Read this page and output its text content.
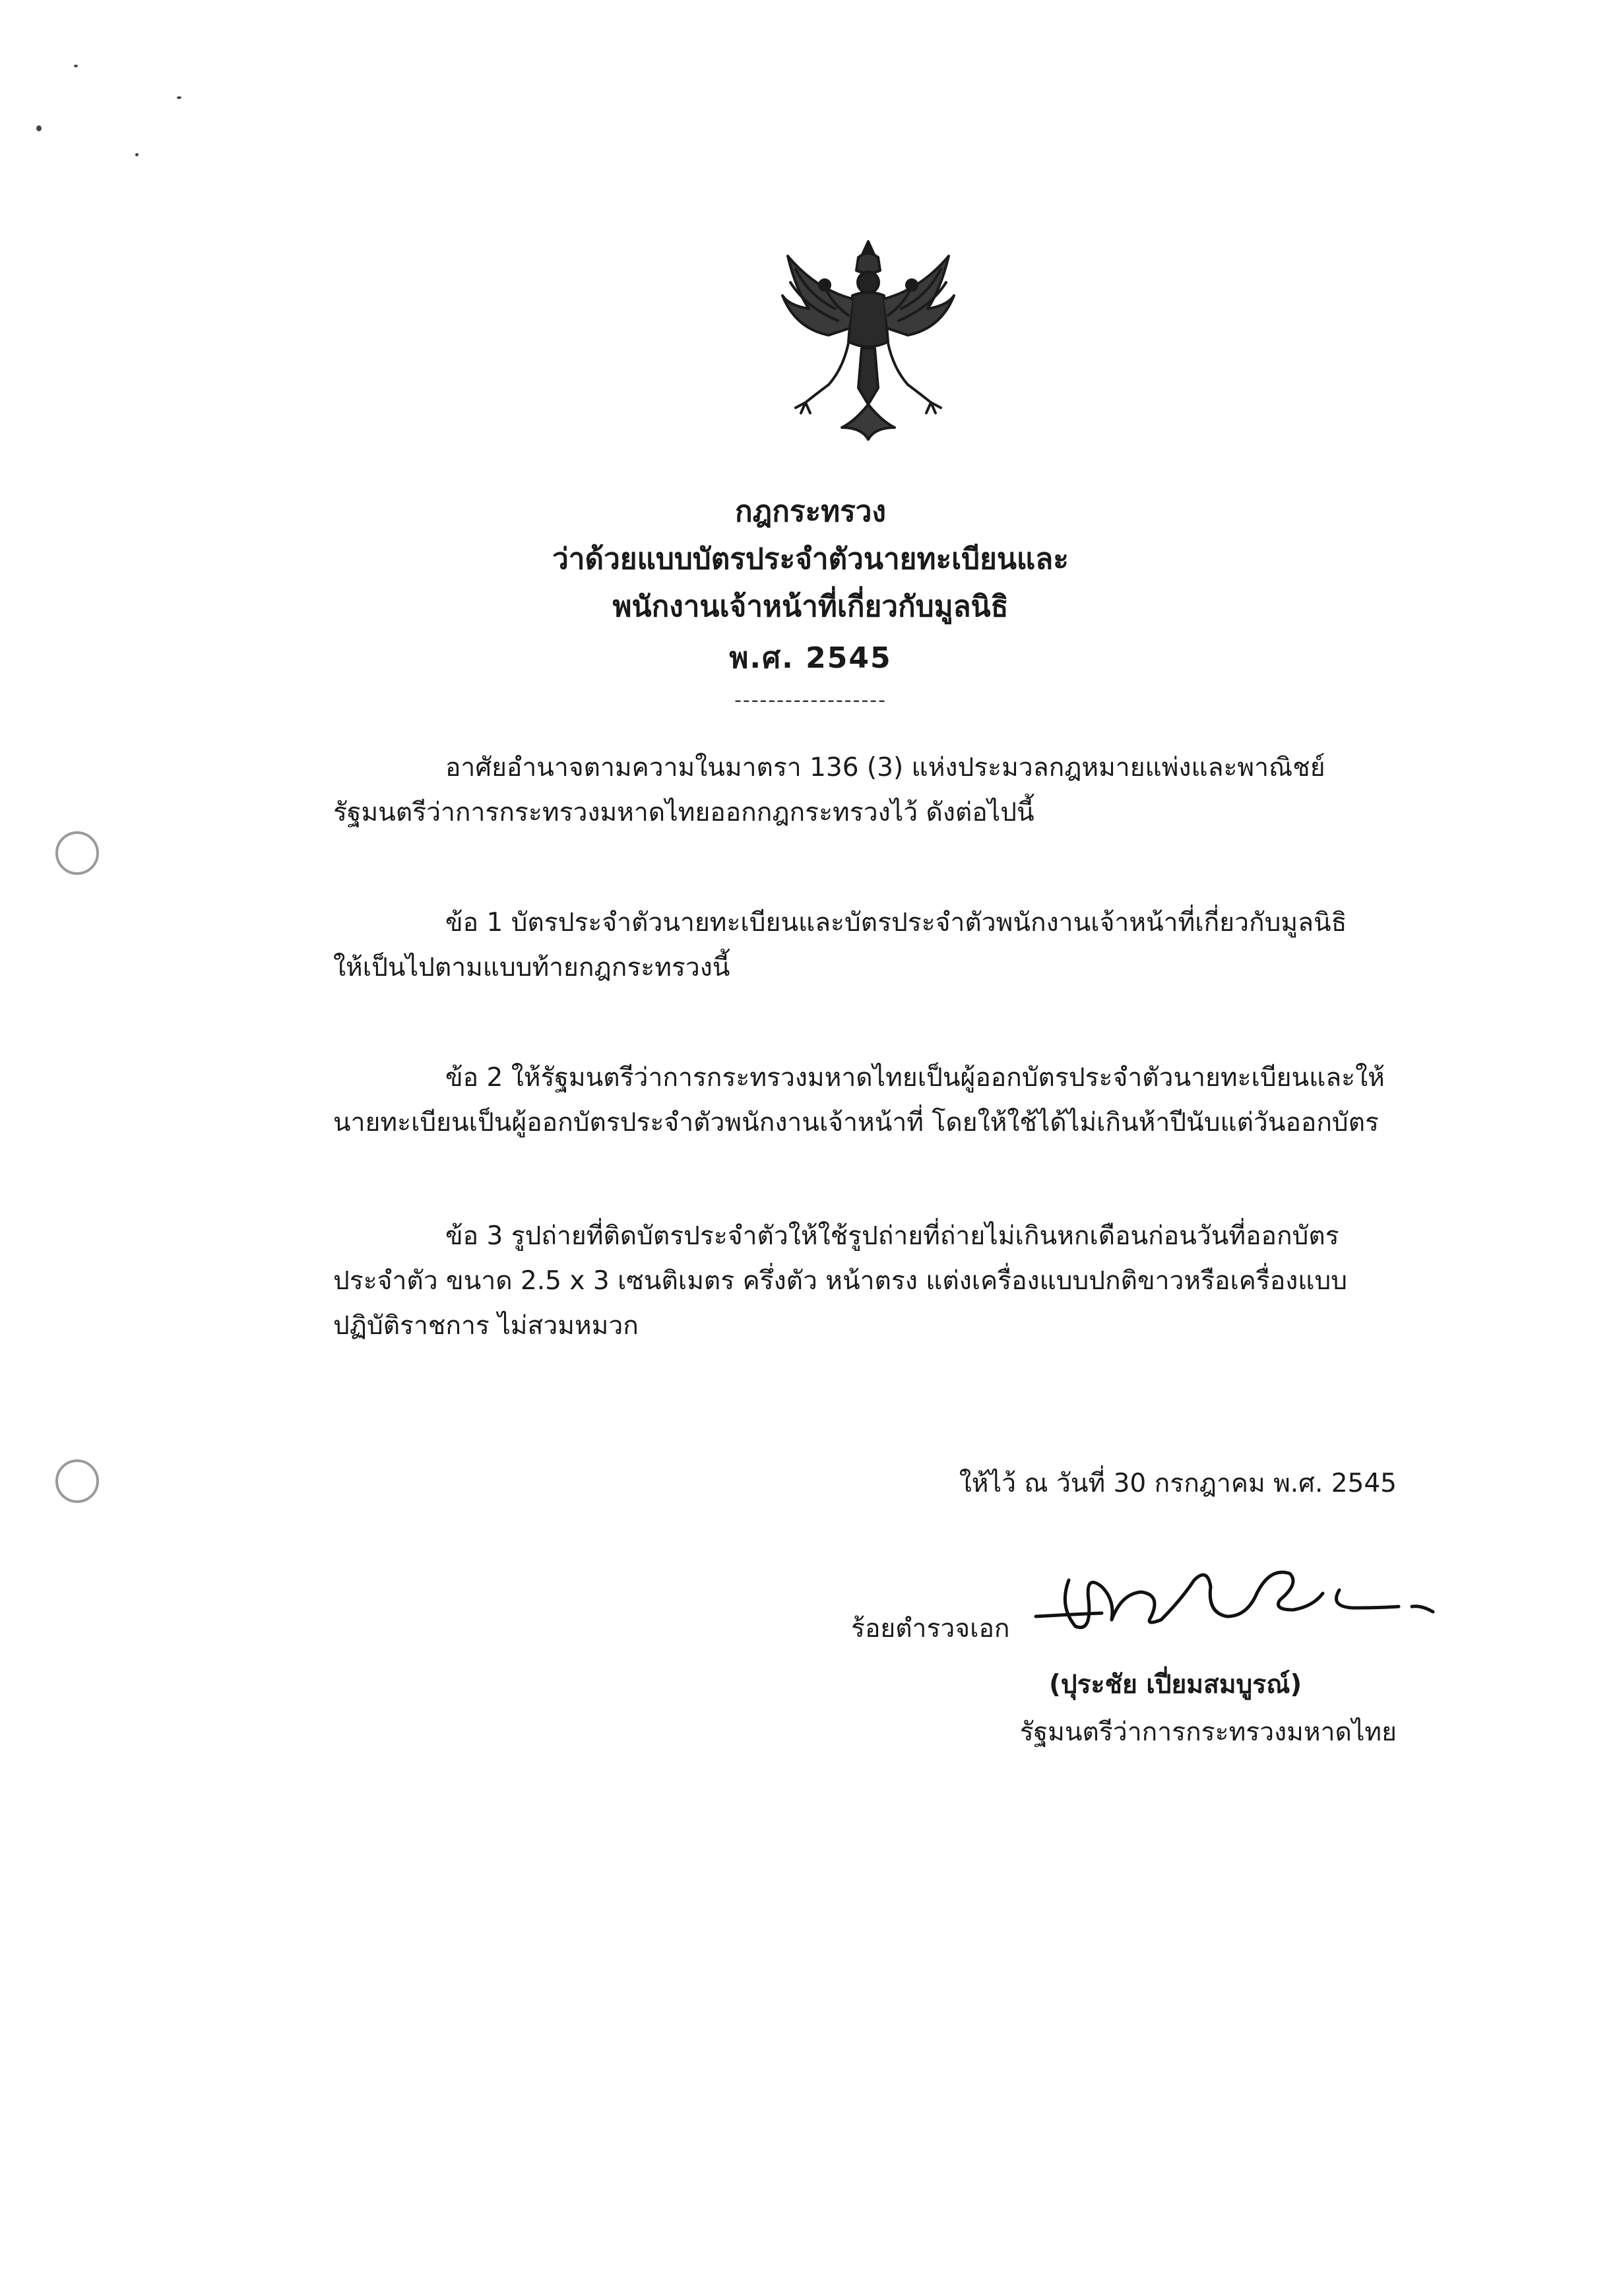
กฎกระทรวง
ว่าด้วยแบบบัตรประจำตัวนายทะเบียนและ
พนักงานเจ้าหน้าที่เกี่ยวกับมูลนิธิ
พ.ศ. 2545
------------------
อาศัยอำนาจตามความในมาตรา 136 (3) แห่งประมวลกฎหมายแพ่งและพาณิชย์
รัฐมนตรีว่าการกระทรวงมหาดไทยออกกฎกระทรวงไว้ ดังต่อไปนี้
ข้อ 1 บัตรประจำตัวนายทะเบียนและบัตรประจำตัวพนักงานเจ้าหน้าที่เกี่ยวกับมูลนิธิ
ให้เป็นไปตามแบบท้ายกฎกระทรวงนี้
ข้อ 2 ให้รัฐมนตรีว่าการกระทรวงมหาดไทยเป็นผู้ออกบัตรประจำตัวนายทะเบียนและให้
นายทะเบียนเป็นผู้ออกบัตรประจำตัวพนักงานเจ้าหน้าที่ โดยให้ใช้ได้ไม่เกินห้าปีนับแต่วันออกบัตร
ข้อ 3 รูปถ่ายที่ติดบัตรประจำตัวให้ใช้รูปถ่ายที่ถ่ายไม่เกินหกเดือนก่อนวันที่ออกบัตร
ประจำตัว ขนาด 2.5 x 3 เซนติเมตร ครึ่งตัว หน้าตรง แต่งเครื่องแบบปกติขาวหรือเครื่องแบบ
ปฏิบัติราชการ ไม่สวมหมวก
ให้ไว้ ณ วันที่ 30 กรกฎาคม พ.ศ. 2545
ร้อยตำรวจเอก
(ปุระชัย เปี่ยมสมบูรณ์)
รัฐมนตรีว่าการกระทรวงมหาดไทย
